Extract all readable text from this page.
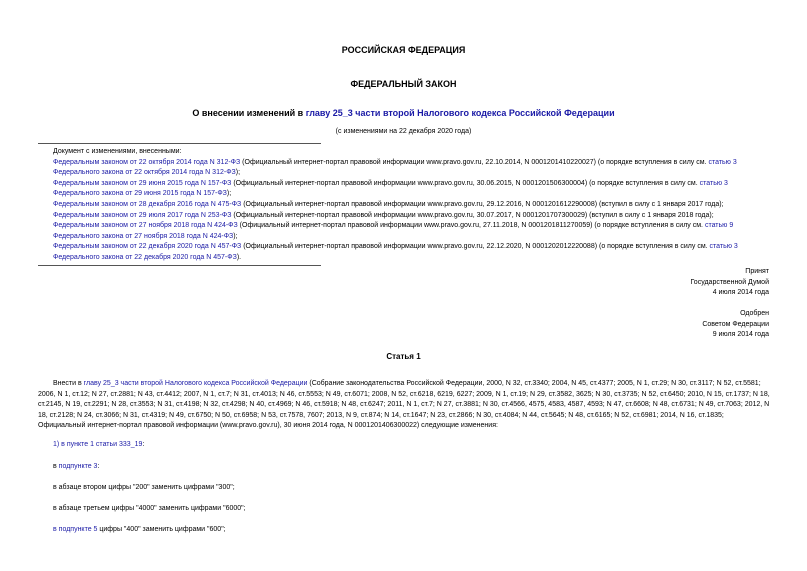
РОССИЙСКАЯ ФЕДЕРАЦИЯ
ФЕДЕРАЛЬНЫЙ ЗАКОН
О внесении изменений в главу 25_3 части второй Налогового кодекса Российской Федерации
(с изменениями на 22 декабря 2020 года)

Документ с изменениями, внесенными:

Федеральным законом от 22 октября 2014 года N 312-ФЗ (Официальный интернет-портал правовой информации www.pravo.gov.ru, 22.10.2014, N 0001201410220027) (о порядке вступления в силу см. статью 3 Федерального закона от 22 октября 2014 года N 312-ФЗ);

Федеральным законом от 29 июня 2015 года N 157-ФЗ (Официальный интернет-портал правовой информации www.pravo.gov.ru, 30.06.2015, N 0001201506300004) (о порядке вступления в силу см. статью 3 Федерального закона от 29 июня 2015 года N 157-ФЗ);

Федеральным законом от 28 декабря 2016 года N 475-ФЗ (Официальный интернет-портал правовой информации www.pravo.gov.ru, 29.12.2016, N 0001201612290008) (вступил в силу с 1 января 2017 года);

Федеральным законом от 29 июля 2017 года N 253-ФЗ (Официальный интернет-портал правовой информации www.pravo.gov.ru, 30.07.2017, N 0001201707300029) (вступил в силу с 1 января 2018 года);

Федеральным законом от 27 ноября 2018 года N 424-ФЗ (Официальный интернет-портал правовой информации www.pravo.gov.ru, 27.11.2018, N 0001201811270059) (о порядке вступления в силу см. статью 9 Федерального закона от 27 ноября 2018 года N 424-ФЗ);

Федеральным законом от 22 декабря 2020 года N 457-ФЗ (Официальный интернет-портал правовой информации www.pravo.gov.ru, 22.12.2020, N 0001202012220088) (о порядке вступления в силу см. статью 3 Федерального закона от 22 декабря 2020 года N 457-ФЗ).

Принят
Государственной Думой
4 июля 2014 года
Одобрен
Советом Федерации
9 июля 2014 года
Статья 1

Внести в главу 25_3 части второй Налогового кодекса Российской Федерации (Собрание законодательства Российской Федерации, 2000, N 32, ст.3340; 2004, N 45, ст.4377; 2005, N 1, ст.29; N 30, ст.3117; N 52, ст.5581; 2006, N 1, ст.12; N 27, ст.2881; N 43, ст.4412; 2007, N 1, ст.7; N 31, ст.4013; N 46, ст.5553; N 49, ст.6071; 2008, N 52, ст.6218, 6219, 6227; 2009, N 1, ст.19; N 29, ст.3582, 3625; N 30, ст.3735; N 52, ст.6450; 2010, N 15, ст.1737; N 18, ст.2145, N 19, ст.2291; N 28, ст.3553; N 31, ст.4198; N 32, ст.4298; N 40, ст.4969; N 46, ст.5918; N 48, ст.6247; 2011, N 1, ст.7; N 27, ст.3881; N 30, ст.4566, 4575, 4583, 4587, 4593; N 47, ст.6608; N 48, ст.6731; N 49, ст.7063; 2012, N 18, ст.2128; N 24, ст.3066; N 31, ст.4319; N 49, ст.6750; N 50, ст.6958; N 53, ст.7578, 7607; 2013, N 9, ст.874; N 14, ст.1647; N 23, ст.2866; N 30, ст.4084; N 44, ст.5645; N 48, ст.6165; N 52, ст.6981; 2014, N 16, ст.1835; Официальный интернет-портал правовой информации (www.pravo.gov.ru), 30 июня 2014 года, N 0001201406300022) следующие изменения:

1) в пункте 1 статьи 333_19:
в подпункте 3:
в абзаце втором цифры "200" заменить цифрами "300";
в абзаце третьем цифры "4000" заменить цифрами "6000";
в подпункте 5 цифры "400" заменить цифрами "600";
